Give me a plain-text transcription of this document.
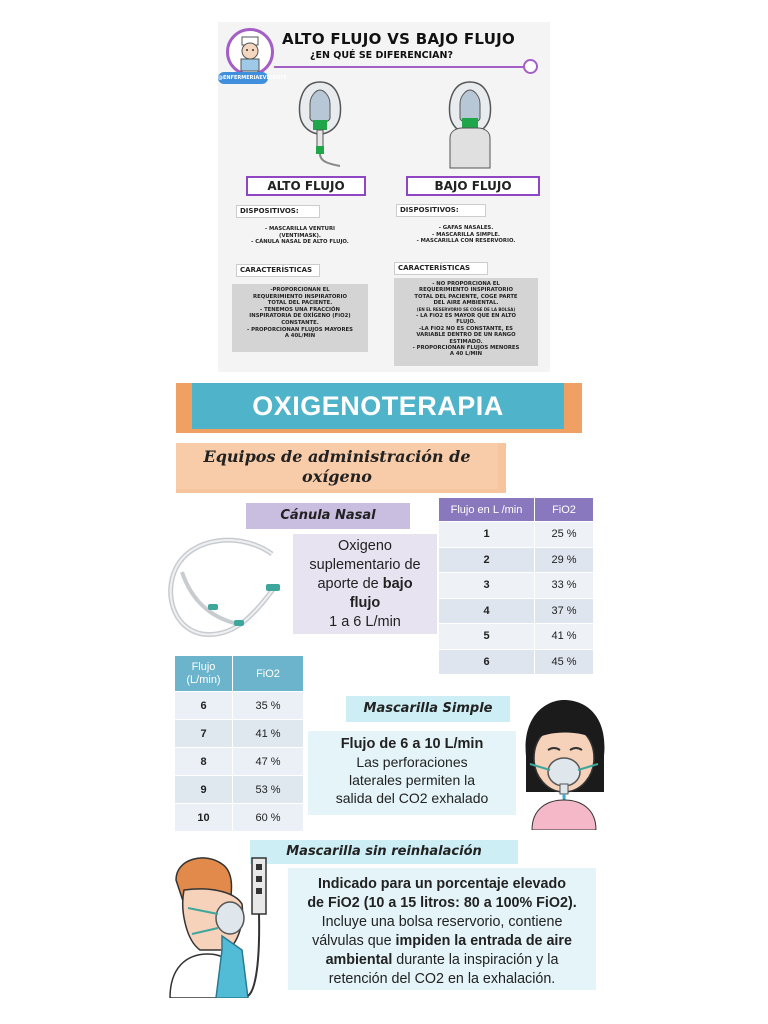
@ENFERMERIAEVIDENTE
ALTO FLUJO VS BAJO FLUJO
¿EN QUÉ SE DIFERENCIAN?
ALTO FLUJO	BAJO FLUJO
DISPOSITIVOS:
- MASCARILLA VENTURI
(VENTIMASK).
- CÁNULA NASAL DE ALTO FLUJO.
CARACTERÍSTICAS
-PROPORCIONAN EL
REQUERIMIENTO INSPIRATORIO
TOTAL DEL PACIENTE.
- TENEMOS UNA FRACCIÓN
INSPIRATORIA DE OXÍGENO (FiO2)
CONSTANTE.
- PROPORCIONAN FLUJOS MAYORES
A 40L/MIN
DISPOSITIVOS:
- GAFAS NASALES.
- MASCARILLA SIMPLE.
- MASCARILLA CON RESERVORIO.
CARACTERÍSTICAS
- NO PROPORCIONA EL
REQUERIMIENTO INSPIRATORIO
TOTAL DEL PACIENTE, COGE PARTE
DEL AIRE AMBIENTAL.
(EN EL RESERVORIO SE COGE DE LA BOLSA)
- LA FiO2 ES MAYOR QUE EN ALTO
FLUJO.
-LA FiO2 NO ES CONSTANTE, ES
VARIABLE DENTRO DE UN RANGO
ESTIMADO.
- PROPORCIONAN FLUJOS MENORES
A 40 L/MIN
OXIGENOTERAPIA
Equipos de administración de
oxígeno
Cánula Nasal
Oxigeno
suplementario de
aporte de bajo
flujo
1 a 6 L/min
Flujo en L /min	FiO2
1	25 %
2	29 %
3	33 %
4	37 %
5	41 %
6	45 %
Flujo (L/min)	FiO2
6	35 %
7	41 %
8	47 %
9	53 %
10	60 %
Mascarilla Simple
Flujo de 6 a 10 L/min
Las perforaciones
laterales permiten la
salida del CO2 exhalado
Mascarilla sin reinhalación
Indicado para un porcentaje elevado
de FiO2 (10 a 15 litros: 80 a 100% FiO2).
Incluye una bolsa reservorio, contiene
válvulas que impiden la entrada de aire
ambiental durante la inspiración y la
retención del CO2 en la exhalación.
